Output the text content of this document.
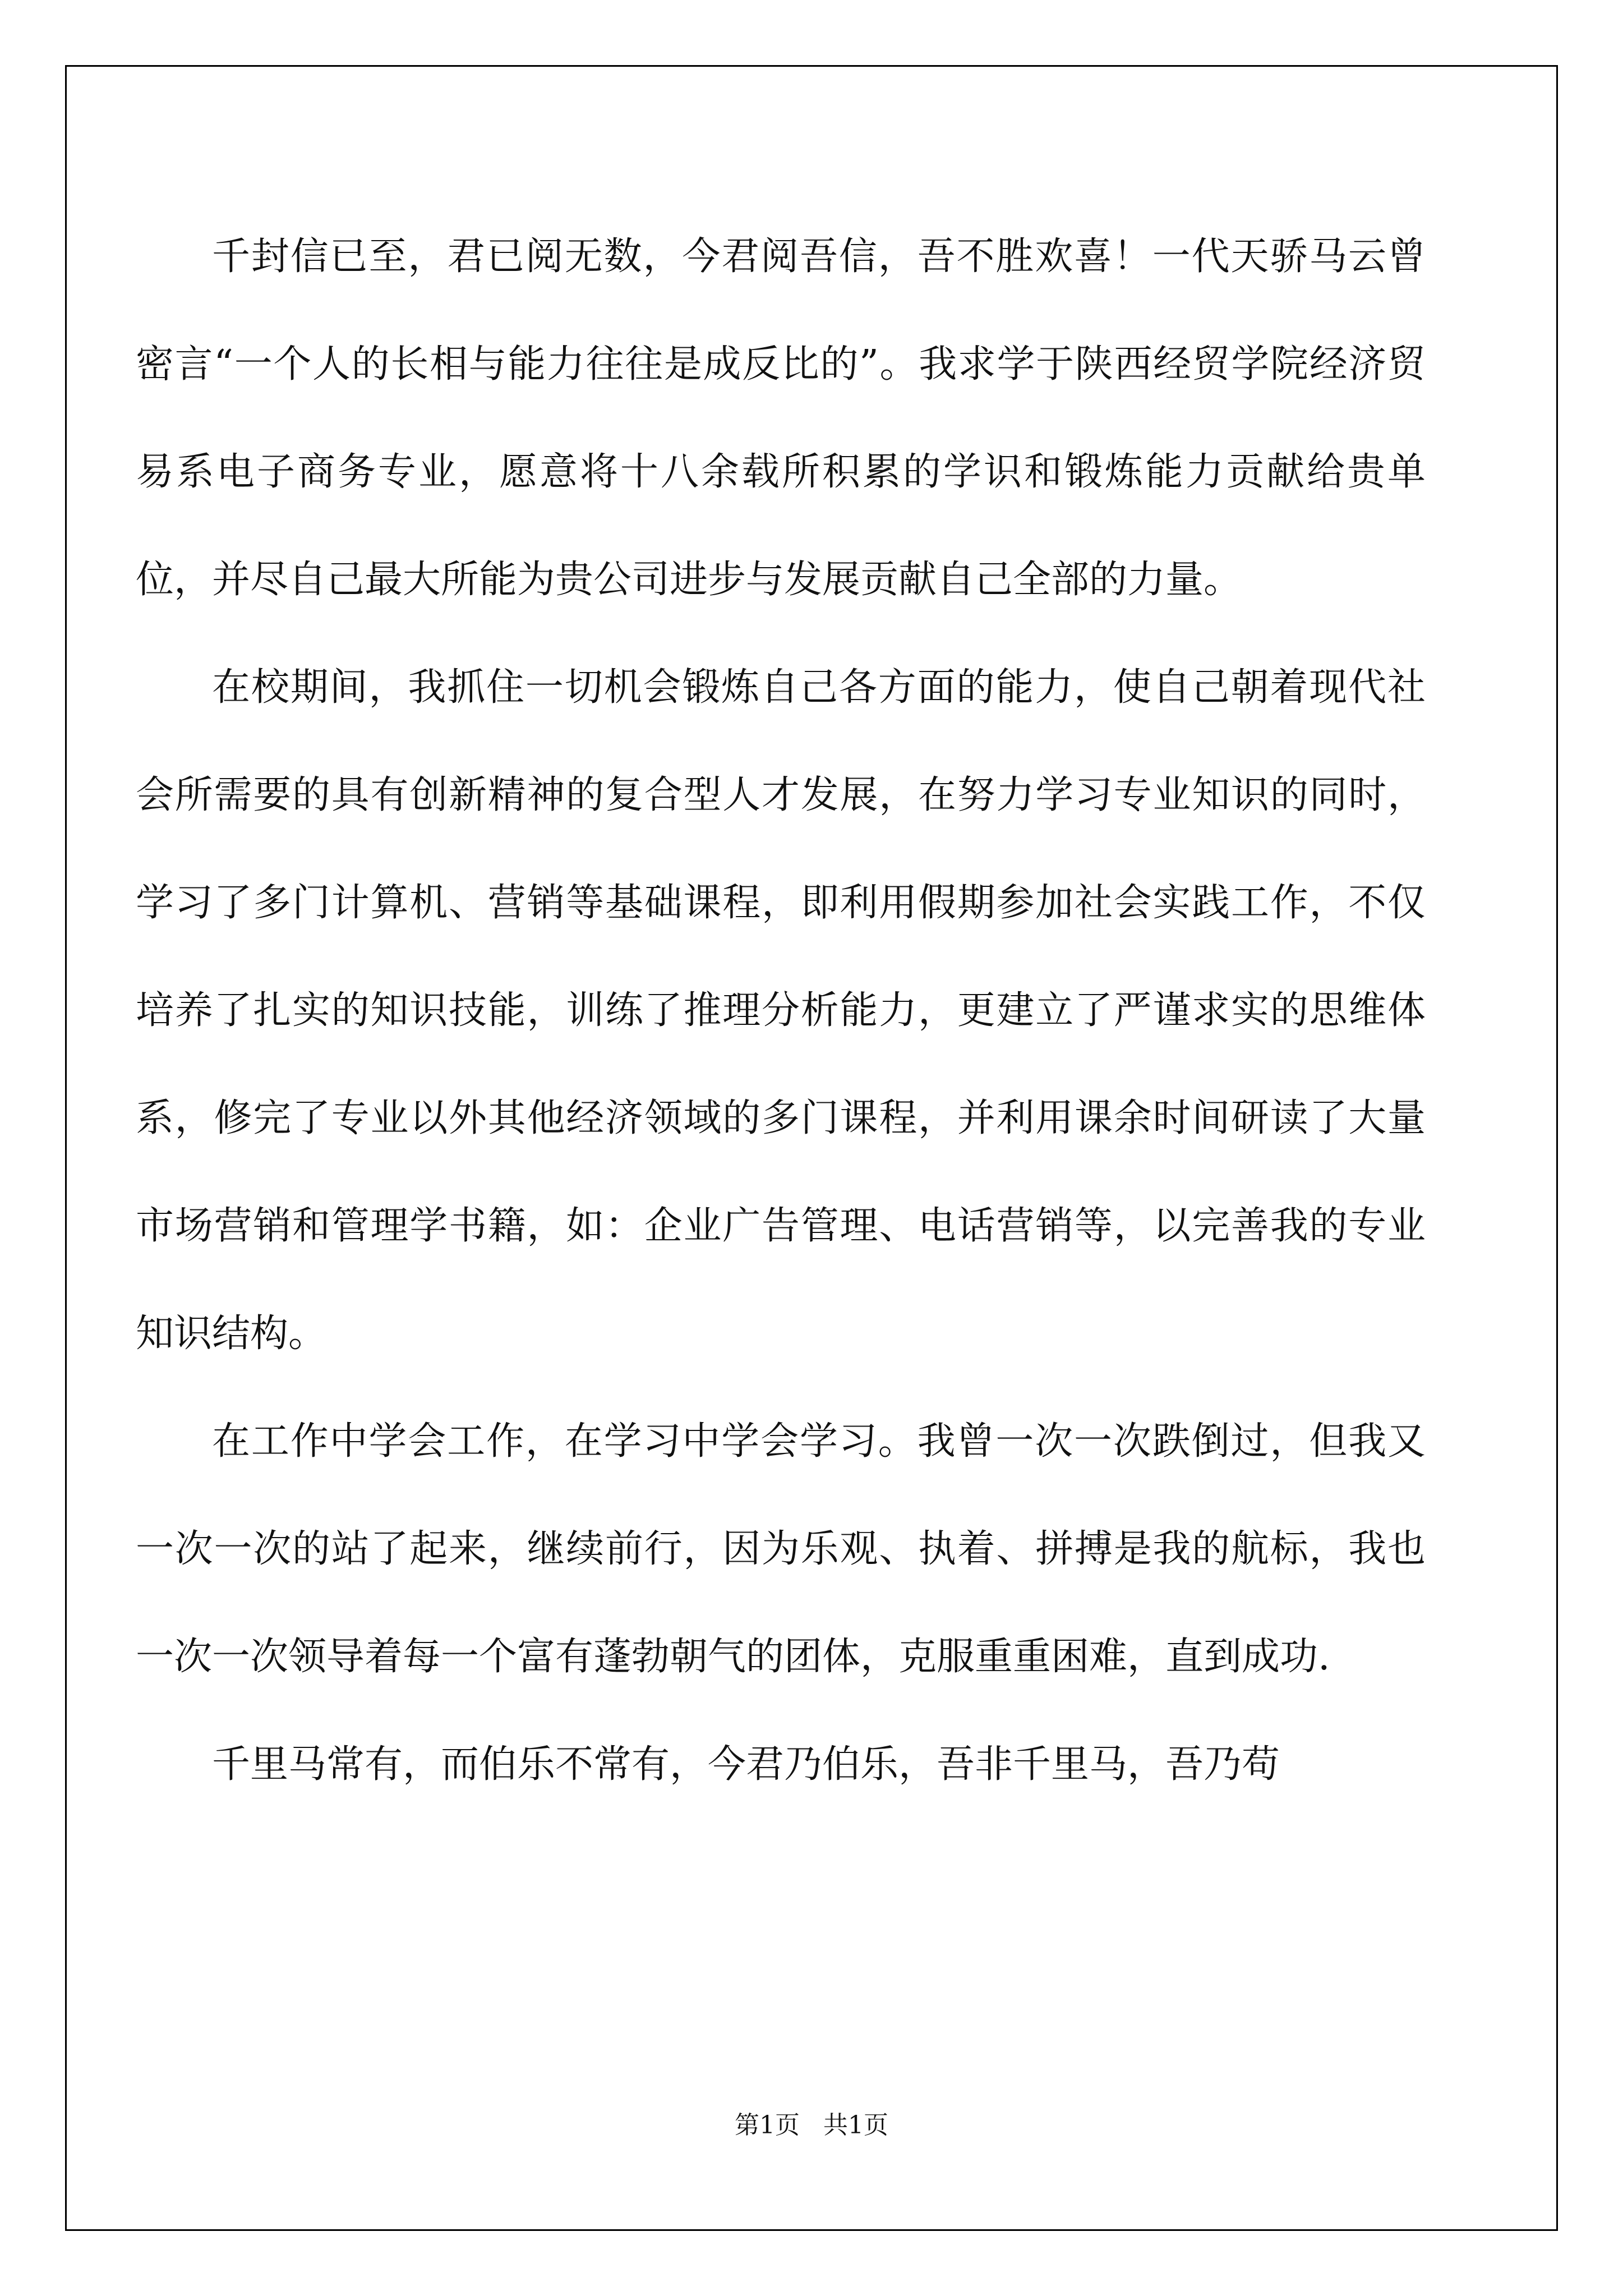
千封信已至，君已阅无数，今君阅吾信，吾不胜欢喜！一代天骄马云曾密言“一个人的长相与能力往往是成反比的”。我求学于陕西经贸学院经济贸易系电子商务专业，愿意将十八余载所积累的学识和锻炼能力贡献给贵单位，并尽自己最大所能为贵公司进步与发展贡献自己全部的力量。

在校期间，我抓住一切机会锻炼自己各方面的能力，使自己朝着现代社会所需要的具有创新精神的复合型人才发展，在努力学习专业知识的同时，学习了多门计算机、营销等基础课程，即利用假期参加社会实践工作，不仅培养了扎实的知识技能，训练了推理分析能力，更建立了严谨求实的思维体系，修完了专业以外其他经济领域的多门课程，并利用课余时间研读了大量市场营销和管理学书籍，如：企业广告管理、电话营销等，以完善我的专业知识结构。

在工作中学会工作，在学习中学会学习。我曾一次一次跌倒过，但我又一次一次的站了起来，继续前行，因为乐观、执着、拼搏是我的航标，我也一次一次领导着每一个富有蓬勃朝气的团体，克服重重困难，直到成功.

千里马常有，而伯乐不常有，今君乃伯乐，吾非千里马，吾乃苟

第1页   共1页
